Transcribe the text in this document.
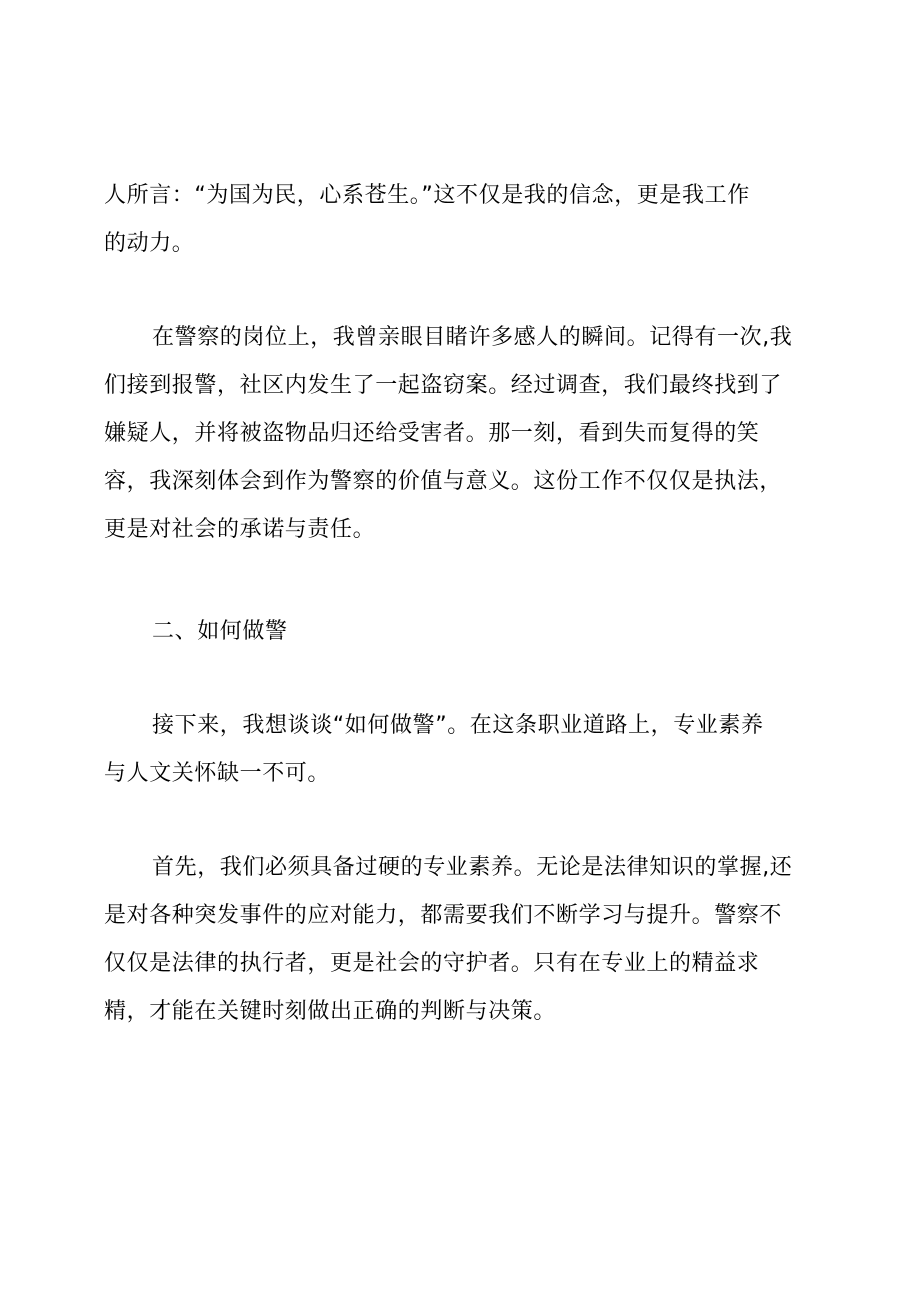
人所言：“为国为民，心系苍生。”这不仅是我的信念，更是我工作

的动力。

在警察的岗位上，我曾亲眼目睹许多感人的瞬间。记得有一次,我

们接到报警，社区内发生了一起盗窃案。经过调查，我们最终找到了

嫌疑人，并将被盗物品归还给受害者。那一刻，看到失而复得的笑

容，我深刻体会到作为警察的价值与意义。这份工作不仅仅是执法，

更是对社会的承诺与责任。

二、如何做警

接下来，我想谈谈“如何做警”。在这条职业道路上，专业素养

与人文关怀缺一不可。

首先，我们必须具备过硬的专业素养。无论是法律知识的掌握,还

是对各种突发事件的应对能力，都需要我们不断学习与提升。警察不

仅仅是法律的执行者，更是社会的守护者。只有在专业上的精益求

精，才能在关键时刻做出正确的判断与决策。
